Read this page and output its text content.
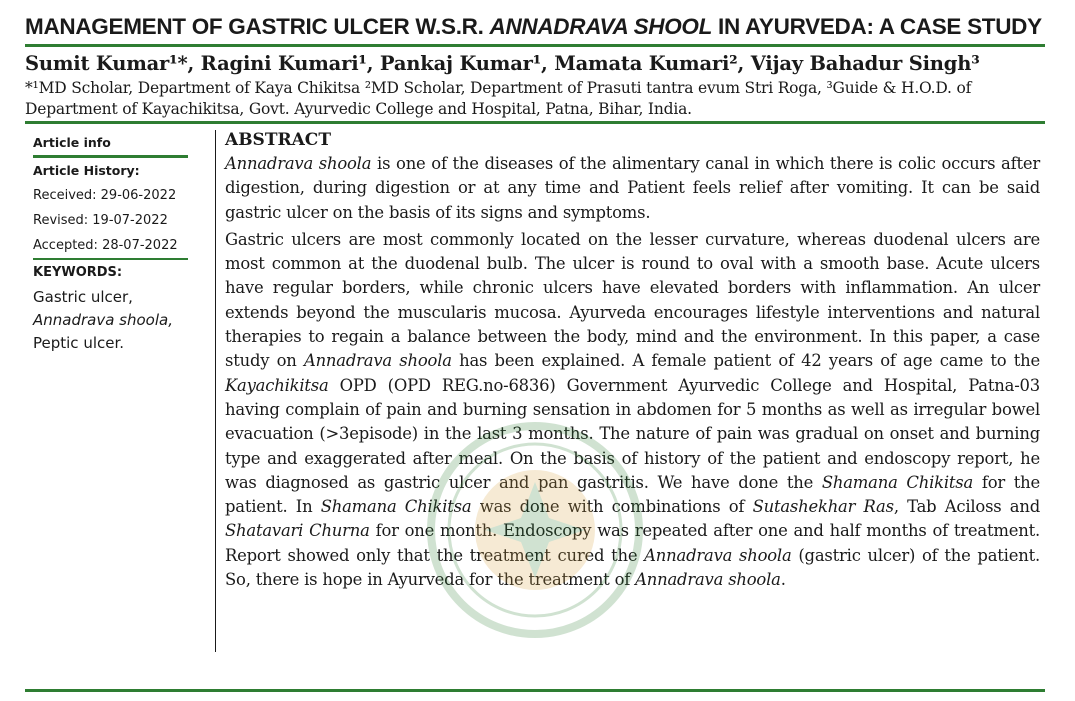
MANAGEMENT OF GASTRIC ULCER W.S.R. ANNADRAVA SHOOL IN AYURVEDA: A CASE STUDY
Sumit Kumar¹*, Ragini Kumari¹, Pankaj Kumar¹, Mamata Kumari², Vijay Bahadur Singh³
*¹MD Scholar, Department of Kaya Chikitsa ²MD Scholar, Department of Prasuti tantra evum Stri Roga, ³Guide & H.O.D. of Department of Kayachikitsa, Govt. Ayurvedic College and Hospital, Patna, Bihar, India.
Article info
Article History:
Received: 29-06-2022
Revised: 19-07-2022
Accepted: 28-07-2022
KEYWORDS:
Gastric ulcer,
Annadrava shoola,
Peptic ulcer.
ABSTRACT

Annadrava shoola is one of the diseases of the alimentary canal in which there is colic occurs after digestion, during digestion or at any time and Patient feels relief after vomiting. It can be said gastric ulcer on the basis of its signs and symptoms.

Gastric ulcers are most commonly located on the lesser curvature, whereas duodenal ulcers are most common at the duodenal bulb. The ulcer is round to oval with a smooth base. Acute ulcers have regular borders, while chronic ulcers have elevated borders with inflammation. An ulcer extends beyond the muscularis mucosa. Ayurveda encourages lifestyle interventions and natural therapies to regain a balance between the body, mind and the environment. In this paper, a case study on Annadrava shoola has been explained. A female patient of 42 years of age came to the Kayachikitsa OPD (OPD REG.no-6836) Government Ayurvedic College and Hospital, Patna-03 having complain of pain and burning sensation in abdomen for 5 months as well as irregular bowel evacuation (>3episode) in the last 3 months. The nature of pain was gradual on onset and burning type and exaggerated after meal. On the basis of history of the patient and endoscopy report, he was diagnosed as gastric ulcer and pan gastritis. We have done the Shamana Chikitsa for the patient. In Shamana Chikitsa was done with combinations of Sutashekhar Ras, Tab Aciloss and Shatavari Churna for one month. Endoscopy was repeated after one and half months of treatment. Report showed only that the treatment cured the Annadrava shoola (gastric ulcer) of the patient. So, there is hope in Ayurveda for the treatment of Annadrava shoola.
